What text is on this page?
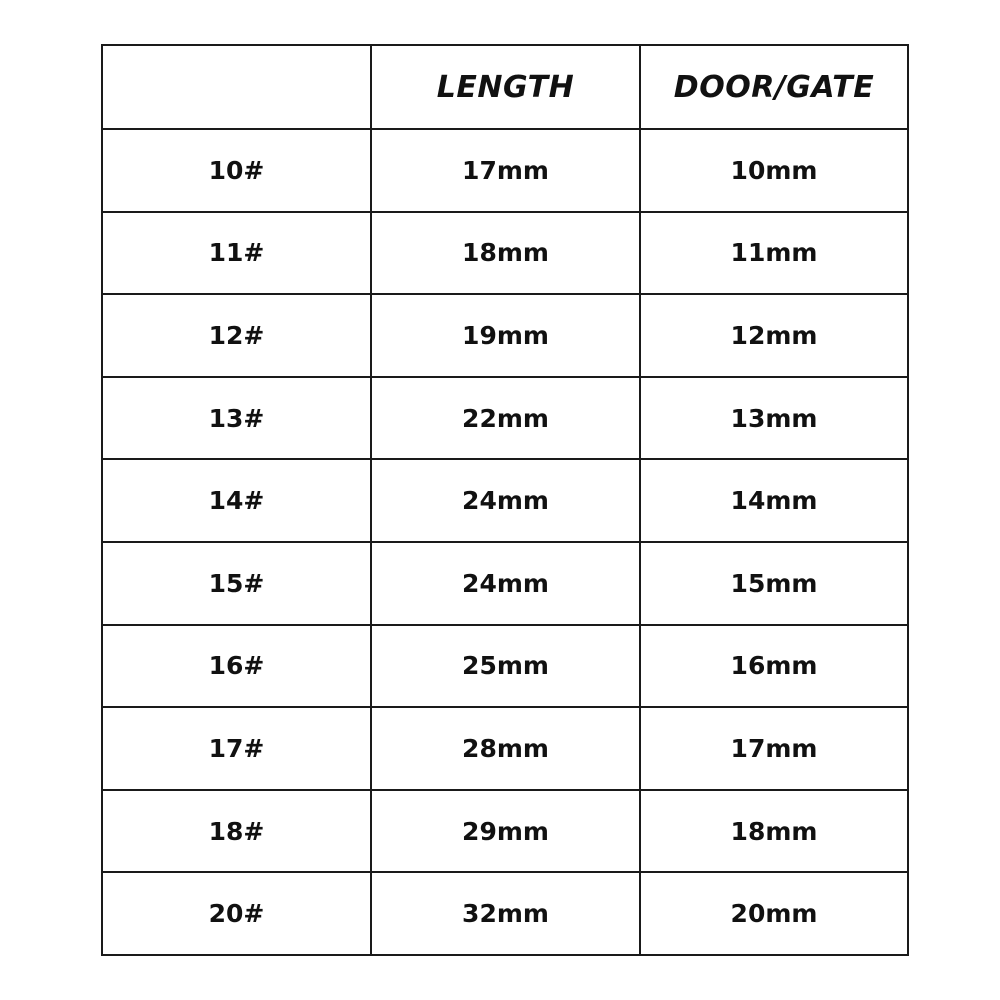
	LENGTH	DOOR/GATE
10#	17mm	10mm
11#	18mm	11mm
12#	19mm	12mm
13#	22mm	13mm
14#	24mm	14mm
15#	24mm	15mm
16#	25mm	16mm
17#	28mm	17mm
18#	29mm	18mm
20#	32mm	20mm
